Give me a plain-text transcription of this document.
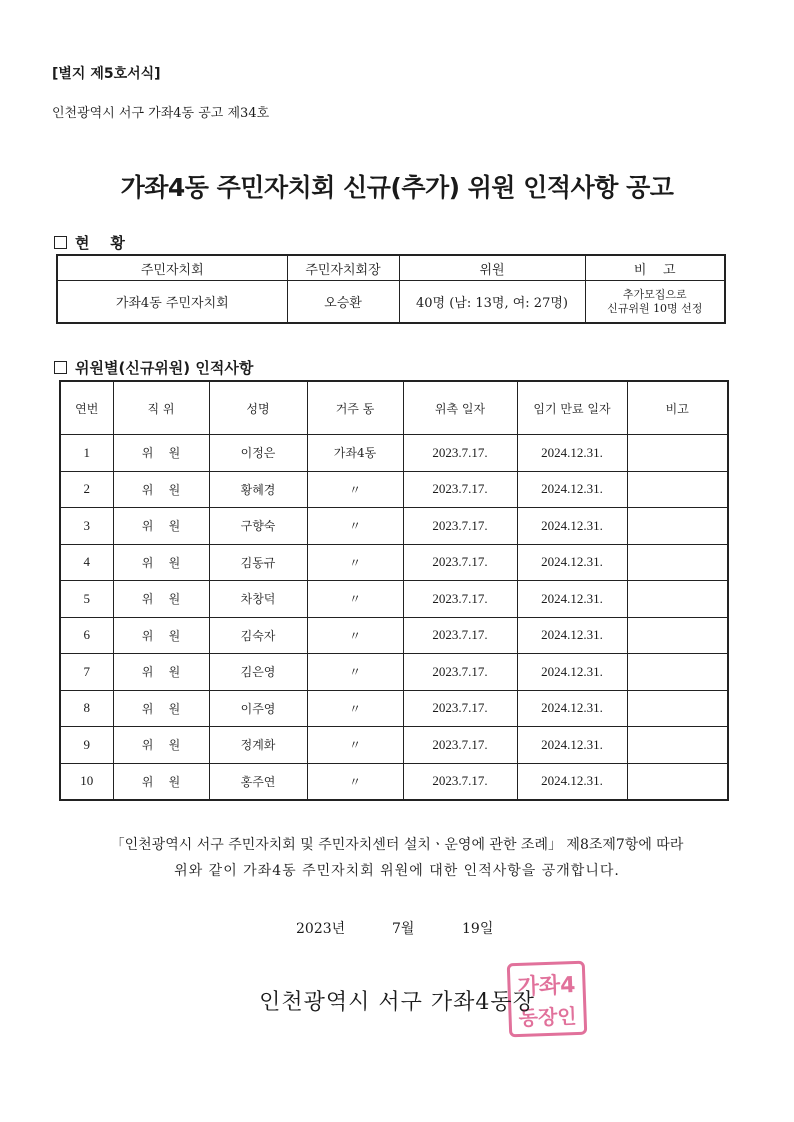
[별지 제5호서식]
인천광역시 서구 가좌4동 공고 제34호
가좌4동 주민자치회 신규(추가) 위원 인적사항 공고
현    황
주민자치회	주민자치회장	위원	비    고
가좌4동 주민자치회	오승환	40명 (남: 13명, 여: 27명)	추가모집으로
신규위원 10명 선정
위원별(신규위원) 인적사항
연번	직 위	성명	거주 동	위촉 일자	임기 만료 일자	비고
1	위    원	이정은	가좌4동	2023.7.17.	2024.12.31.	
2	위    원	황혜경	〃	2023.7.17.	2024.12.31.	
3	위    원	구향숙	〃	2023.7.17.	2024.12.31.	
4	위    원	김동규	〃	2023.7.17.	2024.12.31.	
5	위    원	차창덕	〃	2023.7.17.	2024.12.31.	
6	위    원	김숙자	〃	2023.7.17.	2024.12.31.	
7	위    원	김은영	〃	2023.7.17.	2024.12.31.	
8	위    원	이주영	〃	2023.7.17.	2024.12.31.	
9	위    원	정계화	〃	2023.7.17.	2024.12.31.	
10	위    원	홍주연	〃	2023.7.17.	2024.12.31.	
「인천광역시 서구 주민자치회 및 주민자치센터 설치ㆍ운영에 관한 조례」 제8조제7항에 따라
위와 같이 가좌4동 주민자치회 위원에 대한 인적사항을 공개합니다.
2023년	7월	19일
가좌4
동장인
인천광역시 서구 가좌4동장
